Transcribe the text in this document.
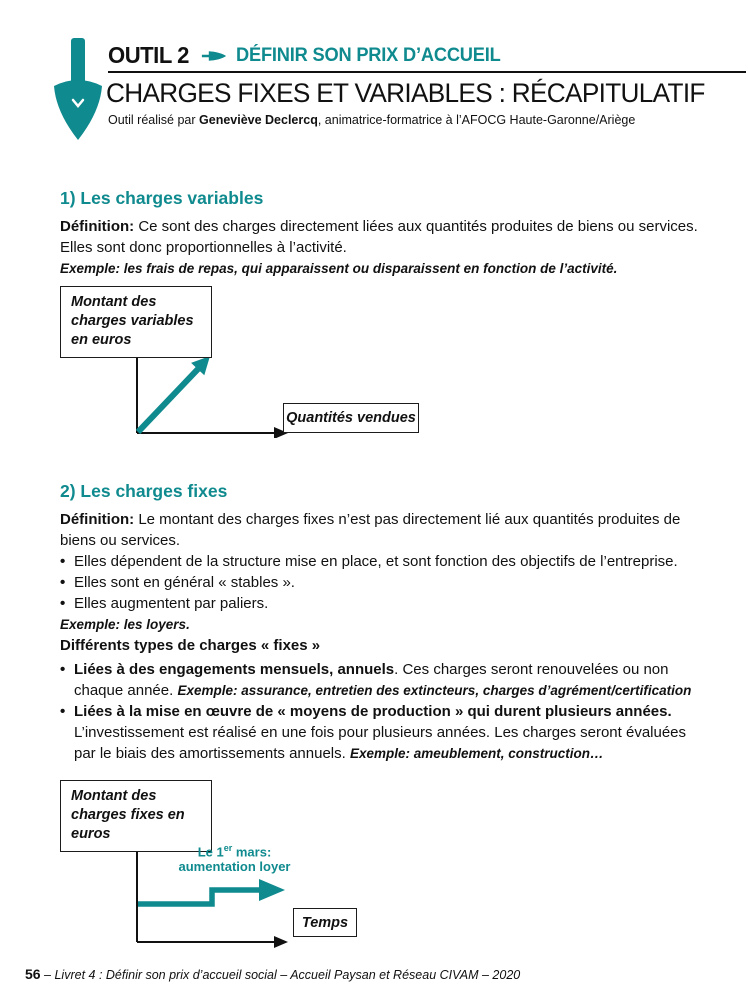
OUTIL 2 DÉFINIR SON PRIX D’ACCUEIL
CHARGES FIXES ET VARIABLES : RÉCAPITULATIF
Outil réalisé par Geneviève Declercq, animatrice-formatrice à l’AFOCG Haute-Garonne/Ariège
1) Les charges variables

Définition: Ce sont des charges directement liées aux quantités produites de biens ou services.

Elles sont donc proportionnelles à l’activité.

Exemple: les frais de repas, qui apparaissent ou disparaissent en fonction de l’activité.

Montant des charges variables en euros
Quantités vendues
2) Les charges fixes

Définition: Le montant des charges fixes n’est pas directement lié aux quantités produites de biens ou services.

• Elles dépendent de la structure mise en place, et sont fonction des objectifs de l’entreprise.

• Elles sont en général « stables ».

• Elles augmentent par paliers.

Exemple: les loyers.

Différents types de charges « fixes »

• Liées à des engagements mensuels, annuels. Ces charges seront renouvelées ou non chaque année. Exemple: assurance, entretien des extincteurs, charges d’agrément/certification

• Liées à la mise en œuvre de « moyens de production » qui durent plusieurs années. L’investissement est réalisé en une fois pour plusieurs années. Les charges seront évaluées par le biais des amortissements annuels. Exemple: ameublement, construction…

Montant des charges fixes en euros
Le 1er mars:
aumentation loyer
Temps
56 – Livret 4 : Définir son prix d’accueil social – Accueil Paysan et Réseau CIVAM – 2020
